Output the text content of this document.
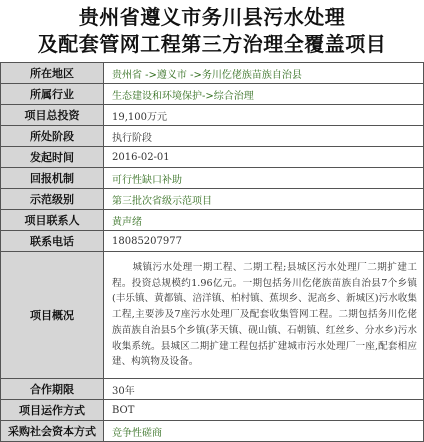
贵州省遵义市务川县污水处理
及配套管网工程第三方治理全覆盖项目
所在地区	贵州省 ->遵义市 ->务川仡佬族苗族自治县
所属行业	生态建设和环境保护->综合治理
项目总投资	19,100万元
所处阶段	执行阶段
发起时间	2016-02-01
回报机制	可行性缺口补助
示范级别	第三批次省级示范项目
项目联系人	黄声绪
联系电话	18085207977
项目概况	城镇污水处理一期工程、二期工程;县城区污水处理厂二期扩建工程。投资总规模约1.96亿元。一期包括务川仡佬族苗族自治县7个乡镇(丰乐镇、黄都镇、涪洋镇、柏村镇、蕉坝乡、泥高乡、新城区)污水收集工程,主要涉及7座污水处理厂及配套收集管网工程。二期包括务川仡佬族苗族自治县5个乡镇(茅天镇、砚山镇、石朝镇、红丝乡、分水乡)污水收集系统。县城区二期扩建工程包括扩建城市污水处理厂一座,配套相应建、构筑物及设备。
合作期限	30年
项目运作方式	BOT
采购社会资本方式	竞争性磋商
